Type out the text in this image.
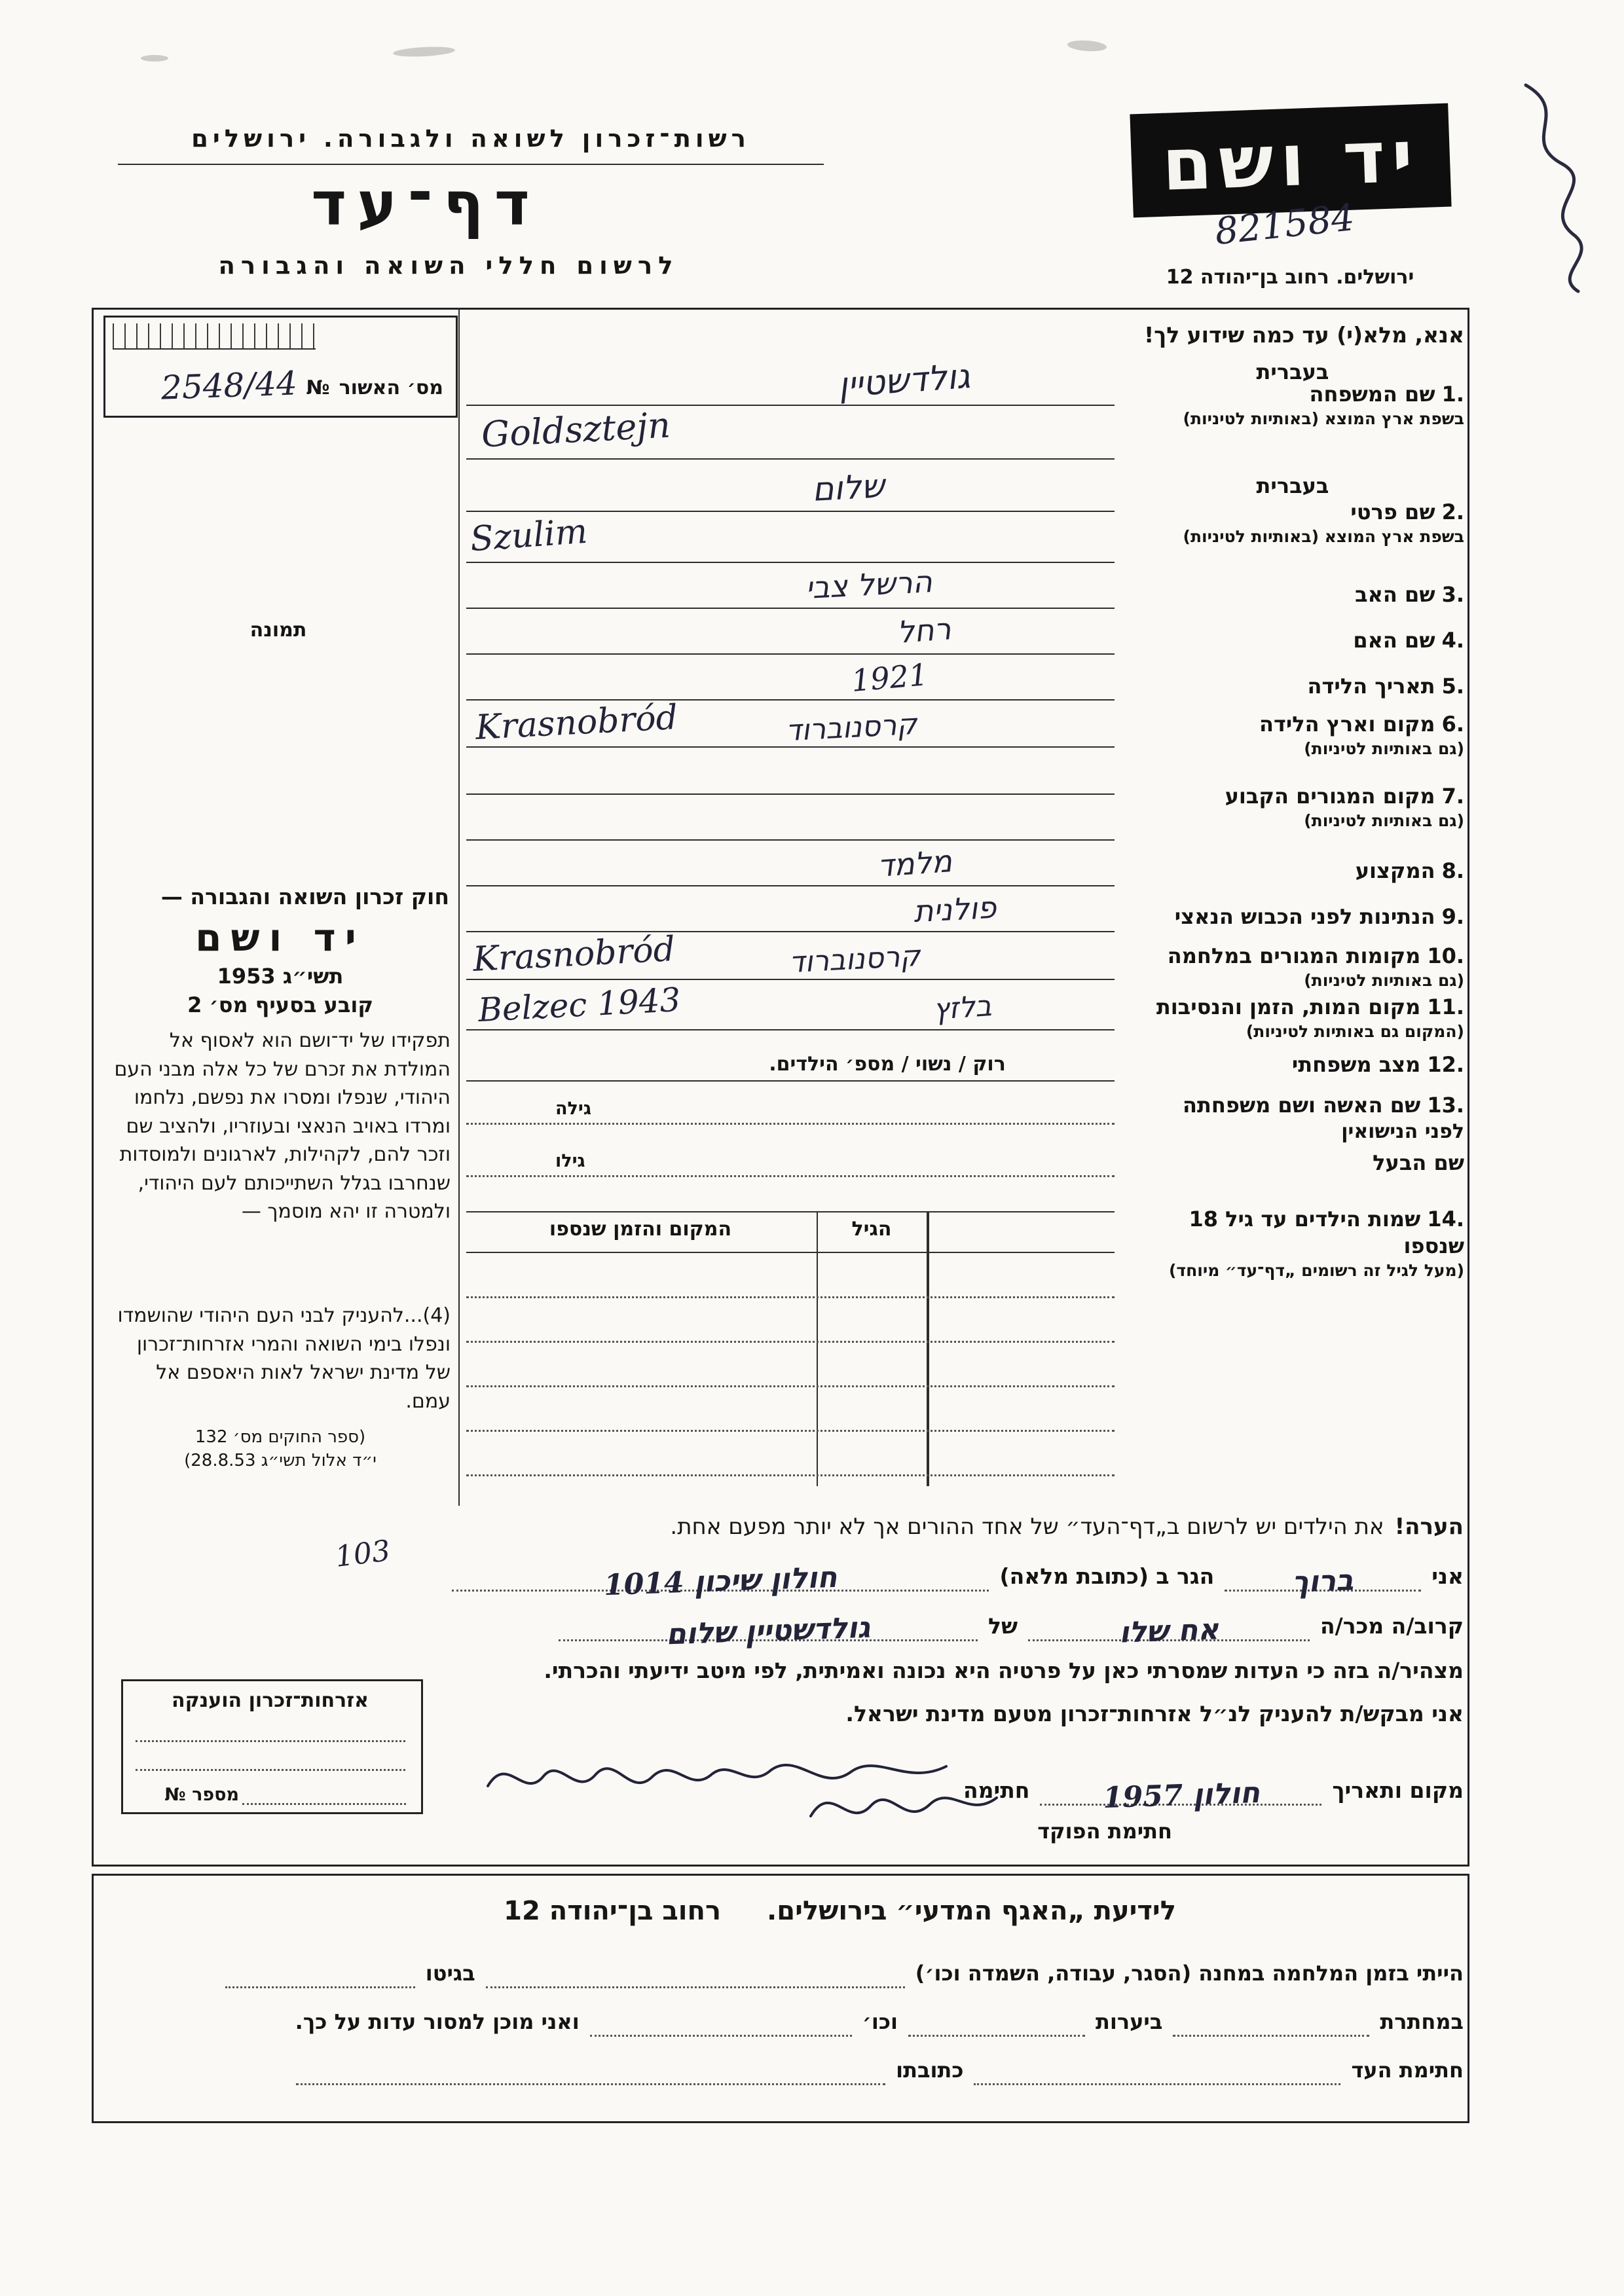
רשות־זכרון לשואה ולגבורה. ירושלים
דף־עד
לרשום חללי השואה והגבורה
יד ושם
821584
ירושלים. רחוב בן־יהודה 12
מס׳ האשור
№
2548/44
תמונה
חוק זכרון השואה והגבורה —
יד ושם
תשי״ג 1953
קובע בסעיף מס׳ 2
תפקידו של יד־ושם הוא לאסוף אל המולדת את זכרם של כל אלה מבני העם היהודי, שנפלו ומסרו את נפשם, נלחמו ומרדו באויב הנאצי ובעוזריו, ולהציב שם וזכר להם, לקהילות, לארגונים ולמוסדות שנחרבו בגלל השתייכותם לעם היהודי, ולמטרה זו יהא מוסמך —
(4)...להעניק לבני העם היהודי שהושמדו ונפלו בימי השואה והמרי אזרחות־זכרון של מדינת ישראל לאות היאספם אל עמם.
(ספר החוקים מס׳ 132
י״ד אלול תשי״ג 28.8.53)
אנא, מלא(י) עד כמה שידוע לך!
בעברית
1.שם המשפחה
בשפת ארץ המוצא (באותיות לטיניות)
גולדשטיין
Goldsztejn
בעברית
2.שם פרטי
בשפת ארץ המוצא (באותיות לטיניות)
שלום
Szulim
3.שם האב
הרשל צבי
4.שם האם
רחל
5.תאריך הלידה
1921
6.מקום וארץ הלידה
(גם באותיות לטיניות)
Krasnobród	קרסנוברוד
7.מקום המגורים הקבוע
(גם באותיות לטיניות)
8.המקצוע
מלמד
9.הנתינות לפני הכבוש הנאצי
פולנית
10.מקומות המגורים במלחמה
(גם באותיות לטיניות)
Krasnobród	קרסנוברוד
11.מקום המות, הזמן והנסיבות
(המקום גם באותיות לטיניות)
Belzec 1943	בלזץ
12.מצב משפחתי
רוק / נשוי / מספ׳ הילדים.
13.שם האשה ושם משפחתה
לפני הנישואין
גילה
שם הבעל
גילו
14.שמות הילדים עד גיל 18 שנספו
(מעל לגיל זה רשומים „דף־עד״ מיוחד)
הגיל
המקום והזמן שנספו
הערה!את הילדים יש לרשום ב„דף־העד״ של אחד ההורים אך לא יותר מפעם אחת.
אני
ברוך
הגר ב (כתובת מלאה)
חולון שיכון 1014
103
קרוב/ה מכר/ה
אח שלו
של
גולדשטיין שלום
מצהיר/ה בזה כי העדות שמסרתי כאן על פרטיה היא נכונה ואמיתית, לפי מיטב ידיעתי והכרתי.
אני מבקש/ת להעניק לנ״ל אזרחות־זכרון מטעם מדינת ישראל.
מקום ותאריך
חולון 1957
חתימה
חתימת הפוקד
אזרחות־זכרון הוענקה
מספר №
לידיעת „האגף המדעי״ בירושלים.
רחוב בן־יהודה 12
הייתי בזמן המלחמה במחנה (הסגר, עבודה, השמדה וכו׳)
בגיטו
במחתרת
ביערות
וכו׳
ואני מוכן למסור עדות על כך.
חתימת העד
כתובתו
